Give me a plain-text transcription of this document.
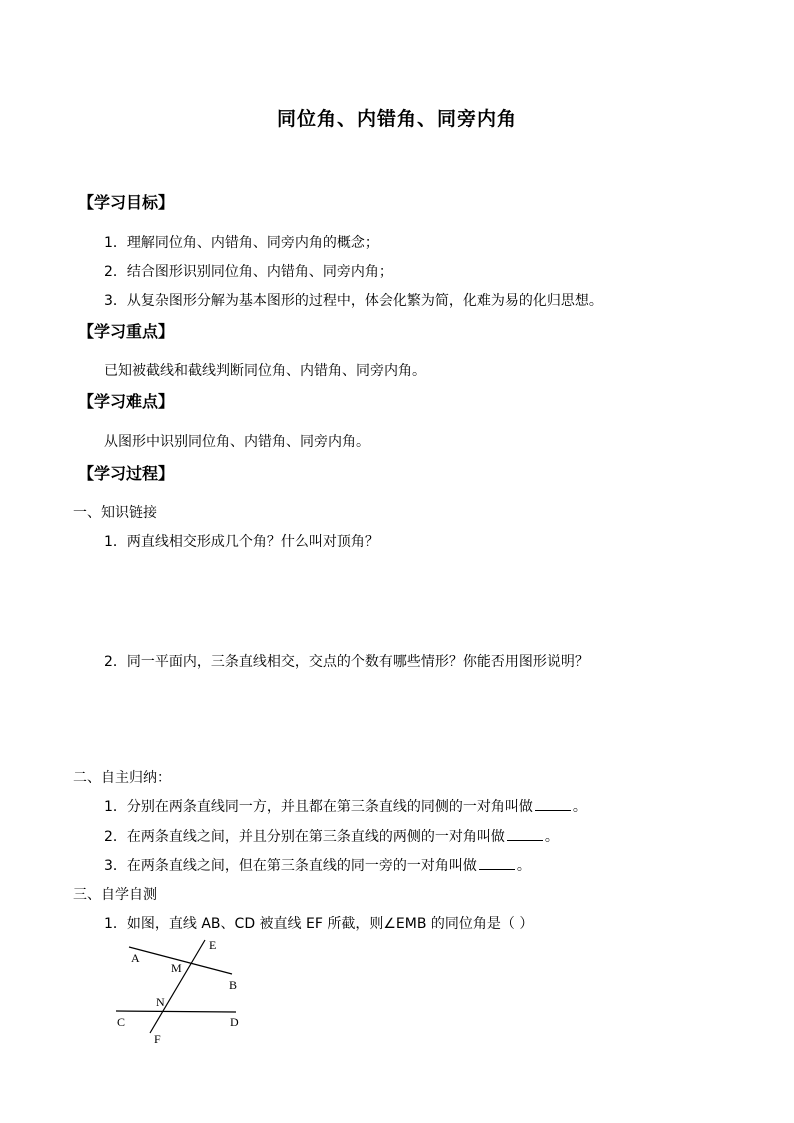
同位角、内错角、同旁内角
【学习目标】
1．理解同位角、内错角、同旁内角的概念；
2．结合图形识别同位角、内错角、同旁内角；
3．从复杂图形分解为基本图形的过程中，体会化繁为简，化难为易的化归思想。
【学习重点】
已知被截线和截线判断同位角、内错角、同旁内角。
【学习难点】
从图形中识别同位角、内错角、同旁内角。
【学习过程】
一、知识链接
1．两直线相交形成几个角？什么叫对顶角？
2．同一平面内，三条直线相交，交点的个数有哪些情形？你能否用图形说明？
二、自主归纳：
1．分别在两条直线同一方，并且都在第三条直线的同侧的一对角叫做	。
2．在两条直线之间，并且分别在第三条直线的两侧的一对角叫做	。
3．在两条直线之间，但在第三条直线的同一旁的一对角叫做	。
三、自学自测
1．如图，直线 AB、CD 被直线 EF 所截，则∠EMB 的同位角是（ ）
A
B
C	D
E
F
M
N
